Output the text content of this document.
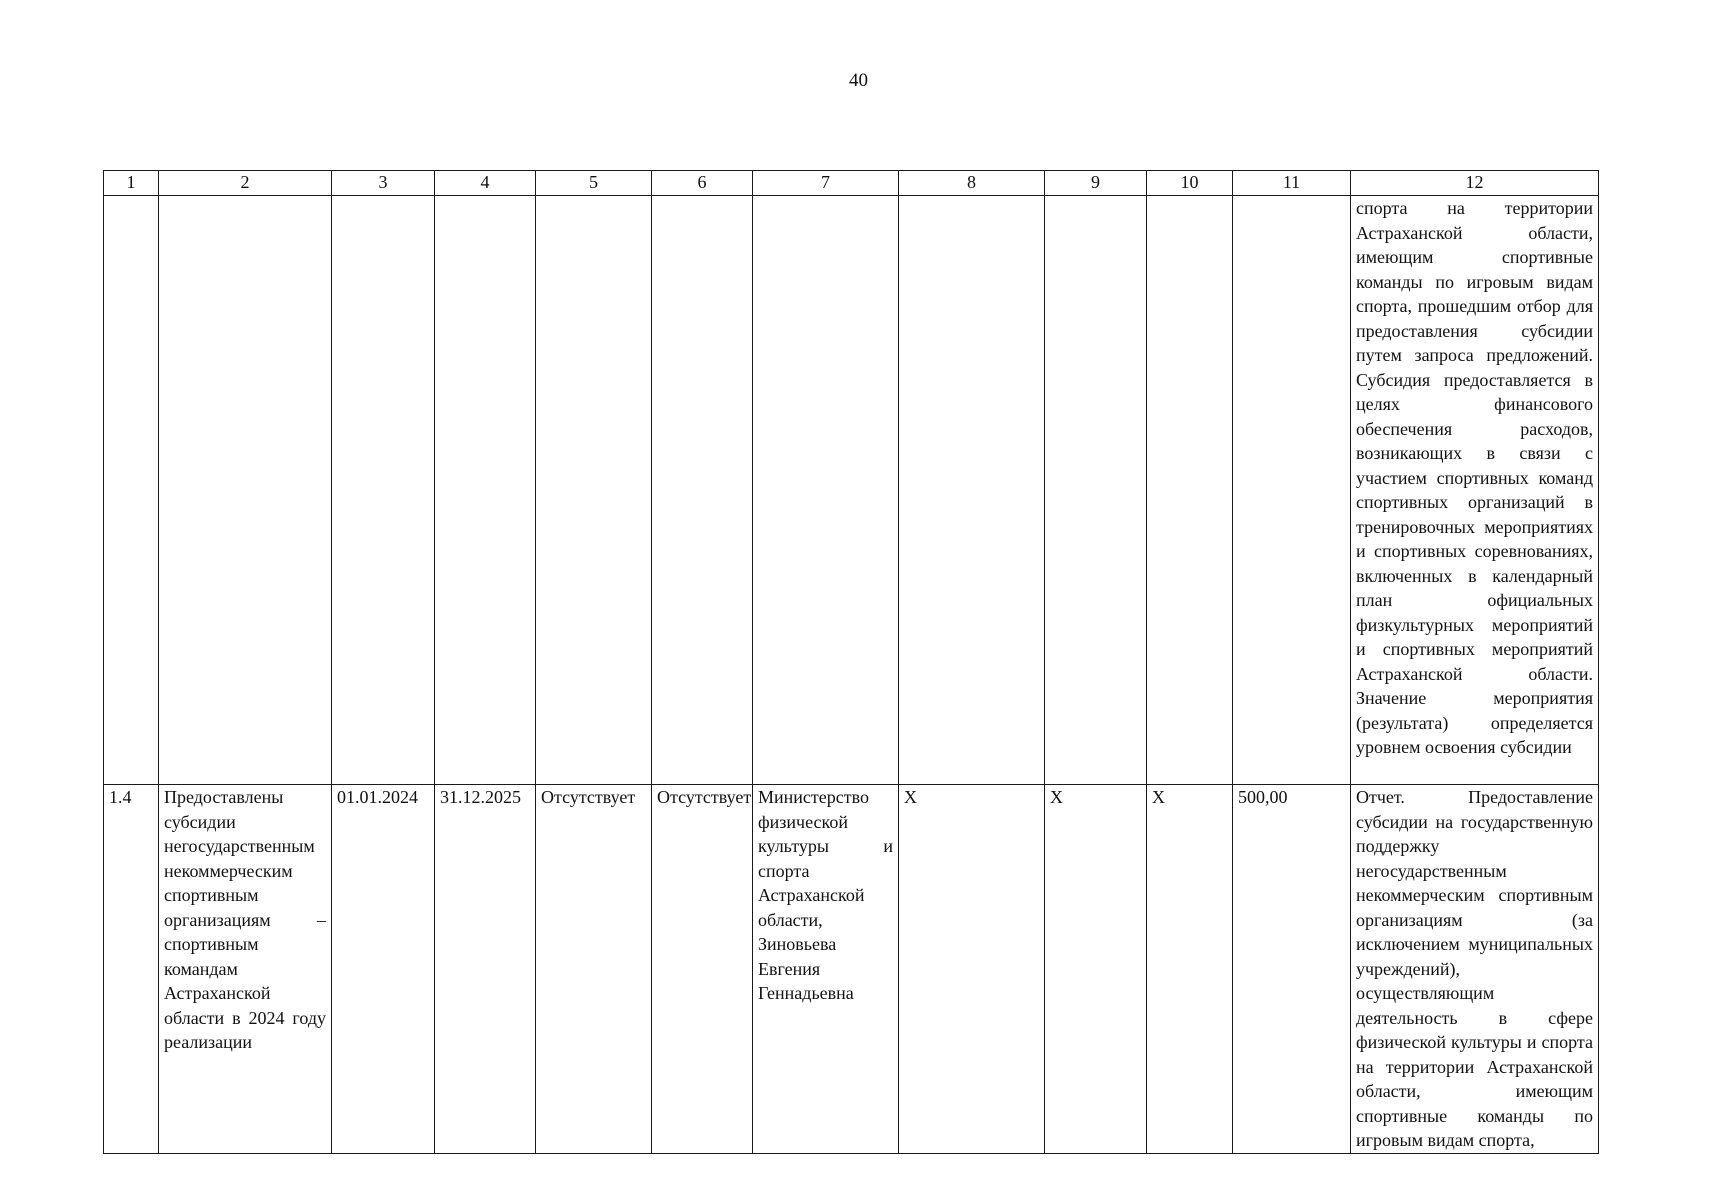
40
1	2	3	4	5	6	7	8	9	10	11	12
											спорта на территории Астраханской области, имеющим спортивные команды по игровым видам спорта, прошедшим отбор для предоставления субсидии путем запроса предложений. Субсидия предоставляется в целях финансового обеспечения расходов, возникающих в связи с участием спортивных команд спортивных организаций в тренировочных мероприятиях и спортивных соревнованиях, включенных в календарный план официальных физкультурных мероприятий и спортивных мероприятий Астраханской области. Значение мероприятия (результата) определяется уровнем освоения субсидии
1.4	Предоставлены субсидии негосударственным некоммерческим спортивным организациям – спортивным командам Астраханской области в 2024 году реализации	01.01.2024	31.12.2025	Отсутствует	Отсутствует	Министерство физической культуры и спорта Астраханской области, Зиновьева Евгения Геннадьевна	Х	Х	Х	500,00	Отчет. Предоставление субсидии на государственную поддержку негосударственным некоммерческим спортивным организациям (за исключением муниципальных учреждений), осуществляющим деятельность в сфере физической культуры и спорта на территории Астраханской области, имеющим спортивные команды по игровым видам спорта,
